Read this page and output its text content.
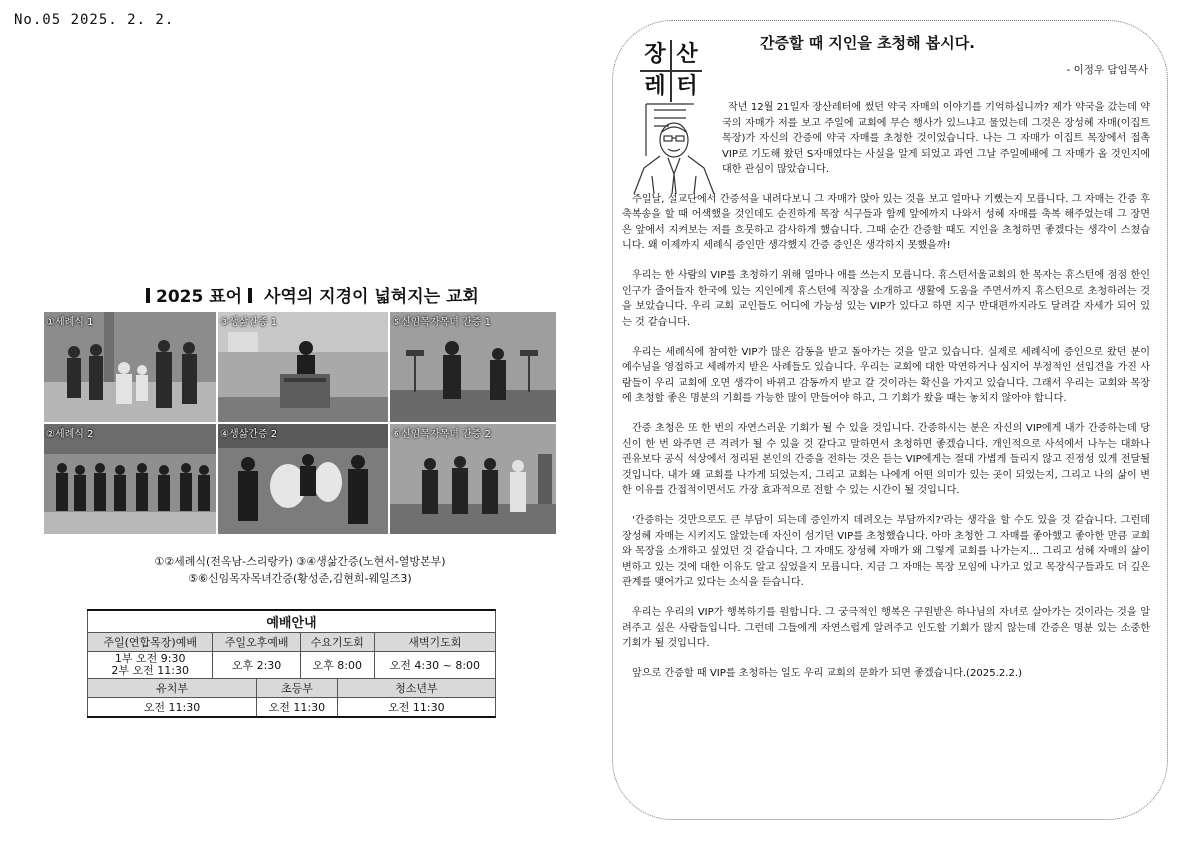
No.05 2025. 2. 2.
2025 표어 사역의 지경이 넓혀지는 교회
①세례식 1	③생삶간증 1	⑤신임목자목녀 간증 1
②세례식 2	④생삶간증 2	⑥신임목자목녀 간증 2
①②세례식(전옥남-스리랑카) ③④생삶간증(노현서-열방본부)
⑤⑥신임목자목녀간증(황성준,김현희-웨일즈3)
예배안내					
주일(연합목장)예배	주일오후예배		수요기도회		새벽기도회

1부 오전 9:30
2부 오전 11:30	오후 2:30		오후 8:00		오전 4:30 ~ 8:00
유치부		초등부		청소년부	
오전 11:30		오전 11:30		오전 11:30	
장 산
레 터
간증할 때 지인을 초청해 봅시다.
- 이정우 담임목사

작년 12월 21일자 장산레터에 썼던 약국 자매의 이야기를 기억하십니까? 제가 약국을 갔는데 약국의 자매가 저를 보고 주일에 교회에 무슨 행사가 있느냐고 물었는데 그것은 장성혜 자매(이집트 목장)가 자신의 간증에 약국 자매를 초청한 것이었습니다. 나는 그 자매가 이집트 목장에서 접촉 VIP로 기도해 왔던 S자매였다는 사실을 알게 되었고 과연 그날 주일예배에 그 자매가 올 것인지에 대한 관심이 많았습니다.

주일날, 설교단에서 간증석을 내려다보니 그 자매가 앉아 있는 것을 보고 얼마나 기뻤는지 모릅니다. 그 자매는 간증 후 축복송을 할 때 어색했을 것인데도 순진하게 목장 식구들과 함께 앞에까지 나와서 성혜 자매를 축복 해주었는데 그 장면은 앞에서 지켜보는 저를 흐뭇하고 감사하게 했습니다. 그때 순간 간증할 때도 지인을 초청하면 좋겠다는 생각이 스쳤습니다. 왜 이제까지 세례식 증인만 생각했지 간증 증인은 생각하지 못했을까!

우리는 한 사람의 VIP를 초청하기 위해 얼마나 애를 쓰는지 모릅니다. 휴스턴서울교회의 한 목자는 휴스턴에 점점 한인 인구가 줄어들자 한국에 있는 지인에게 휴스턴에 직장을 소개하고 생활에 도움을 주면서까지 휴스턴으로 초청하려는 것을 보았습니다. 우리 교회 교인들도 어디에 가능성 있는 VIP가 있다고 하면 지구 반대편까지라도 달려갈 자세가 되어 있는 것 같습니다.

우리는 세례식에 참여한 VIP가 많은 감동을 받고 돌아가는 것을 알고 있습니다. 실제로 세례식에 증인으로 왔던 분이 예수님을 영접하고 세례까지 받은 사례들도 있습니다. 우리는 교회에 대한 막연하거나 심지어 부정적인 선입견을 가진 사람들이 우리 교회에 오면 생각이 바뀌고 감동까지 받고 갈 것이라는 확신을 가지고 있습니다. 그래서 우리는 교회와 목장에 초청할 좋은 명분의 기회를 가능한 많이 만들어야 하고, 그 기회가 왔을 때는 놓치지 않아야 합니다.

간증 초청은 또 한 번의 자연스러운 기회가 될 수 있을 것입니다. 간증하시는 분은 자신의 VIP에게 내가 간증하는데 당신이 한 번 와주면 큰 격려가 될 수 있을 것 같다고 말하면서 초청하면 좋겠습니다. 개인적으로 사석에서 나누는 대화나 권유보다 공식 석상에서 정리된 본인의 간증을 전하는 것은 듣는 VIP에게는 절대 가볍게 들리지 않고 진정성 있게 전달될 것입니다. 내가 왜 교회를 나가게 되었는지, 그리고 교회는 나에게 어떤 의미가 있는 곳이 되었는지, 그리고 나의 삶이 변한 이유를 간접적이면서도 가장 효과적으로 전할 수 있는 시간이 될 것입니다.

'간증하는 것만으로도 큰 부담이 되는데 증인까지 데려오는 부담까지?'라는 생각을 할 수도 있을 것 같습니다. 그런데 장성혜 자매는 시키지도 않았는데 자신이 섬기던 VIP를 초청했습니다. 아마 초청한 그 자매를 좋아했고 좋아한 만큼 교회와 목장을 소개하고 싶었던 것 같습니다. 그 자매도 장성혜 자매가 왜 그렇게 교회를 나가는지... 그리고 성혜 자매의 삶이 변하고 있는 것에 대한 이유도 알고 싶었을지 모릅니다. 지금 그 자매는 목장 모임에 나가고 있고 목장식구들과도 더 깊은 관계를 맺어가고 있다는 소식을 듣습니다.

우리는 우리의 VIP가 행복하기를 원합니다. 그 궁극적인 행복은 구원받은 하나님의 자녀로 살아가는 것이라는 것을 알려주고 싶은 사람들입니다. 그런데 그들에게 자연스럽게 알려주고 인도할 기회가 많지 않는데 간증은 명분 있는 소중한 기회가 될 것입니다.

앞으로 간증할 때 VIP를 초청하는 일도 우리 교회의 문화가 되면 좋겠습니다.(2025.2.2.)
